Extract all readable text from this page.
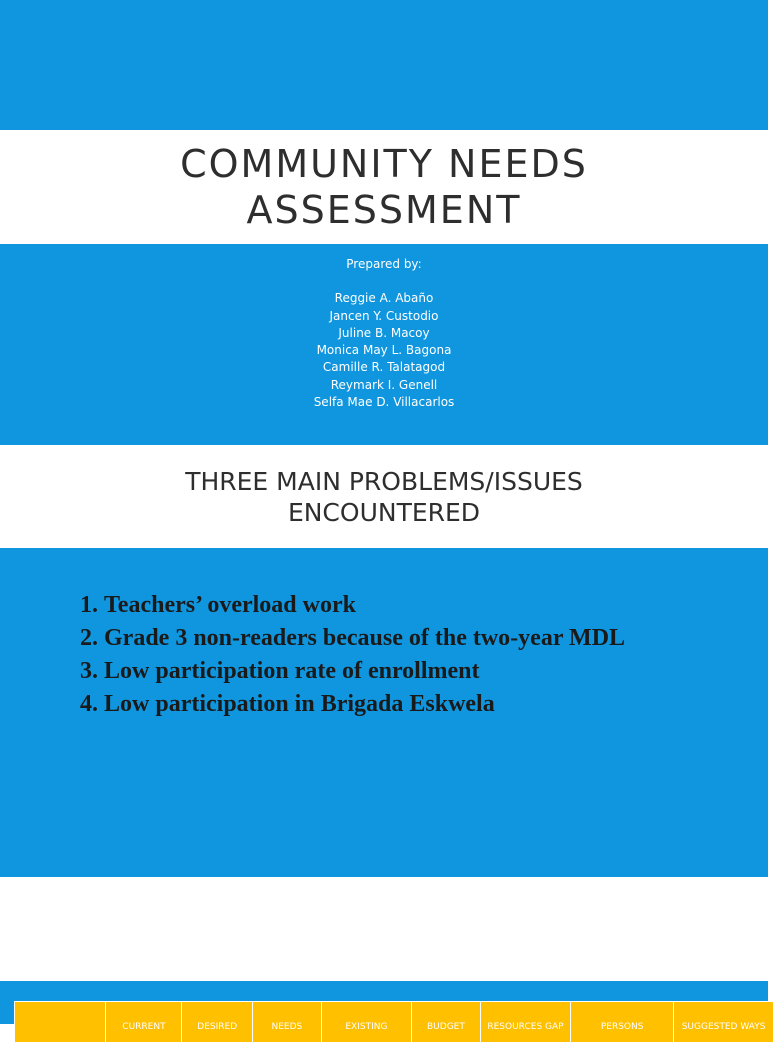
COMMUNITY NEEDS ASSESSMENT
Prepared by:
Reggie A. Abaño
Jancen Y. Custodio
Juline B. Macoy
Monica May L. Bagona
Camille R. Talatagod
Reymark I. Genell
Selfa Mae D. Villacarlos
THREE MAIN PROBLEMS/ISSUES ENCOUNTERED
1. Teachers’ overload work
2. Grade 3 non-readers because of the two-year MDL
3. Low participation rate of enrollment
4. Low participation in Brigada Eskwela
	CURRENT	DESIRED	NEEDS	EXISTING	BUDGET	RESOURCES GAP	PERSONS	SUGGESTED WAYS
